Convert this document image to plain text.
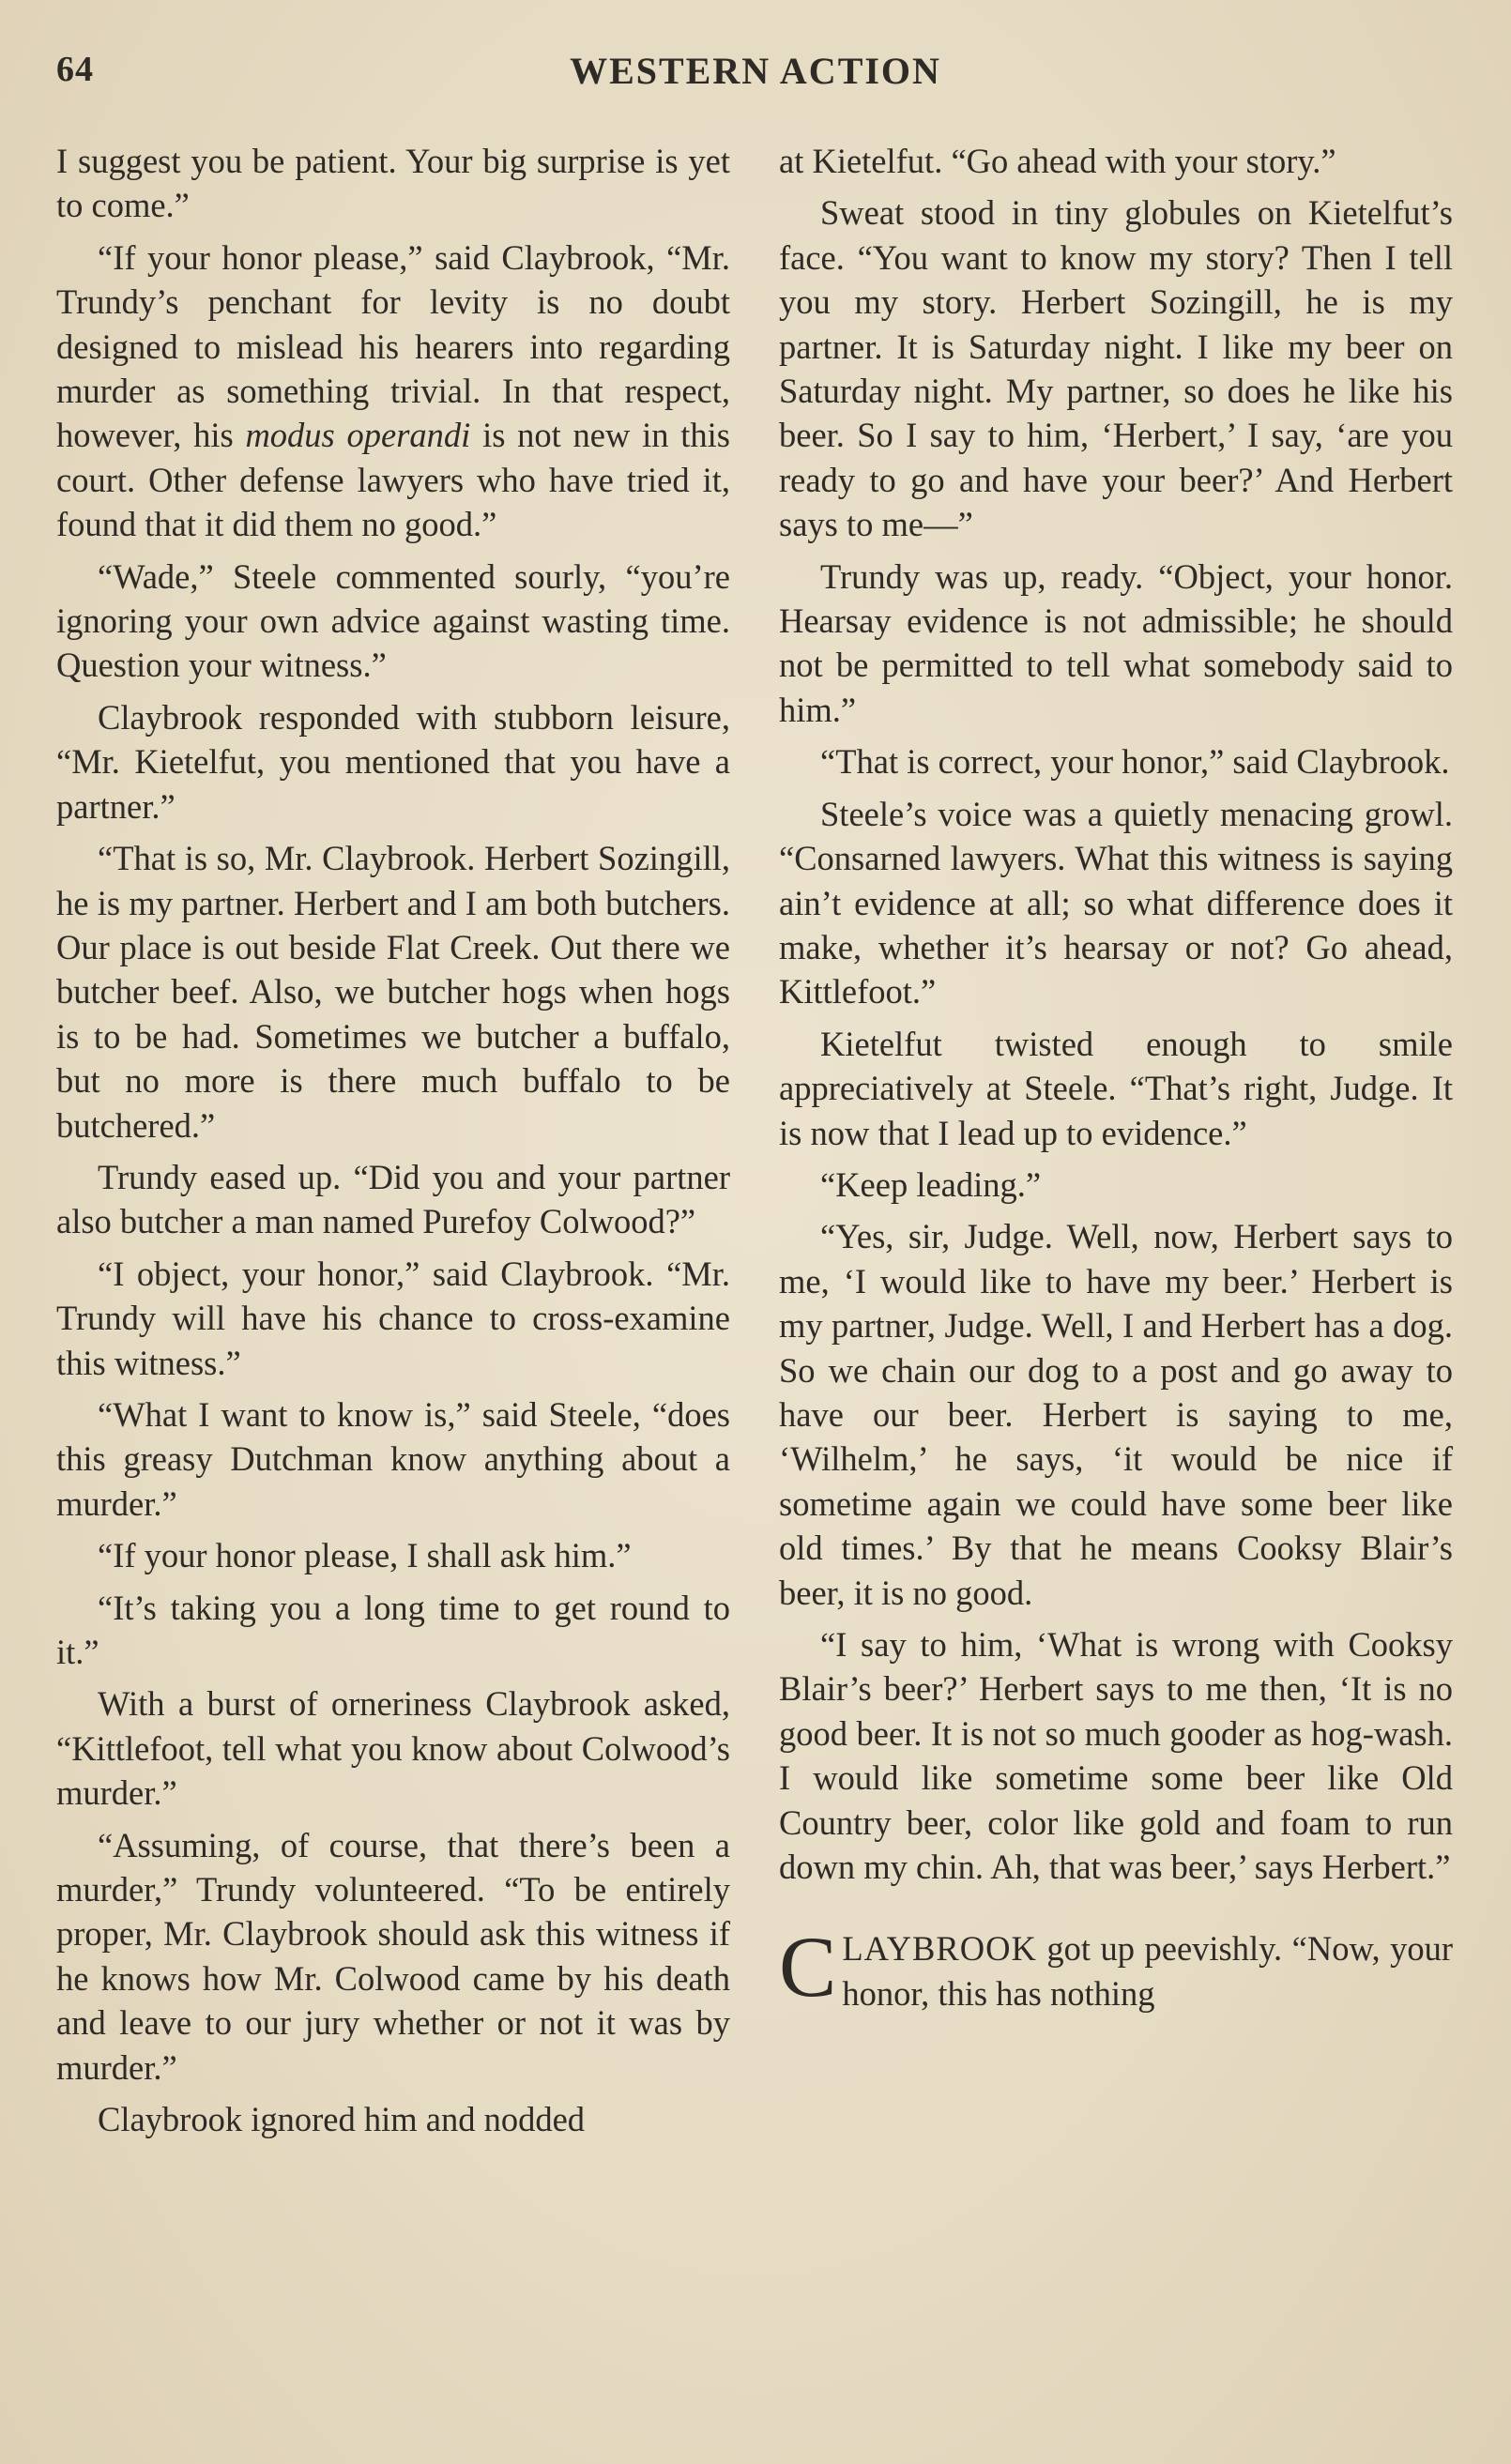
64	WESTERN ACTION

I suggest you be patient. Your big surprise is yet to come.”

“If your honor please,” said Claybrook, “Mr. Trundy’s penchant for levity is no doubt designed to mislead his hearers into regarding murder as something trivial. In that respect, however, his modus operandi is not new in this court. Other defense lawyers who have tried it, found that it did them no good.”

“Wade,” Steele commented sourly, “you’re ignoring your own advice against wasting time. Question your witness.”

Claybrook responded with stubborn leisure, “Mr. Kietelfut, you mentioned that you have a partner.”

“That is so, Mr. Claybrook. Herbert Sozingill, he is my partner. Herbert and I am both butchers. Our place is out beside Flat Creek. Out there we butcher beef. Also, we butcher hogs when hogs is to be had. Sometimes we butcher a buffalo, but no more is there much buffalo to be butchered.”

Trundy eased up. “Did you and your partner also butcher a man named Purefoy Colwood?”

“I object, your honor,” said Claybrook. “Mr. Trundy will have his chance to cross-examine this witness.”

“What I want to know is,” said Steele, “does this greasy Dutchman know anything about a murder.”

“If your honor please, I shall ask him.”

“It’s taking you a long time to get round to it.”

With a burst of orneriness Claybrook asked, “Kittlefoot, tell what you know about Colwood’s murder.”

“Assuming, of course, that there’s been a murder,” Trundy volunteered. “To be entirely proper, Mr. Claybrook should ask this witness if he knows how Mr. Colwood came by his death and leave to our jury whether or not it was by murder.”

Claybrook ignored him and nodded

at Kietelfut. “Go ahead with your story.”

Sweat stood in tiny globules on Kietelfut’s face. “You want to know my story? Then I tell you my story. Herbert Sozingill, he is my partner. It is Saturday night. I like my beer on Saturday night. My partner, so does he like his beer. So I say to him, ‘Herbert,’ I say, ‘are you ready to go and have your beer?’ And Herbert says to me—”

Trundy was up, ready. “Object, your honor. Hearsay evidence is not admissible; he should not be permitted to tell what somebody said to him.”

“That is correct, your honor,” said Claybrook.

Steele’s voice was a quietly menacing growl. “Consarned lawyers. What this witness is saying ain’t evidence at all; so what difference does it make, whether it’s hearsay or not? Go ahead, Kittlefoot.”

Kietelfut twisted enough to smile appreciatively at Steele. “That’s right, Judge. It is now that I lead up to evidence.”

“Keep leading.”

“Yes, sir, Judge. Well, now, Herbert says to me, ‘I would like to have my beer.’ Herbert is my partner, Judge. Well, I and Herbert has a dog. So we chain our dog to a post and go away to have our beer. Herbert is saying to me, ‘Wilhelm,’ he says, ‘it would be nice if sometime again we could have some beer like old times.’ By that he means Cooksy Blair’s beer, it is no good.

“I say to him, ‘What is wrong with Cooksy Blair’s beer?’ Herbert says to me then, ‘It is no good beer. It is not so much gooder as hog-wash. I would like sometime some beer like Old Country beer, color like gold and foam to run down my chin. Ah, that was beer,’ says Herbert.”

CLAYBROOK got up peevishly. “Now, your honor, this has nothing
